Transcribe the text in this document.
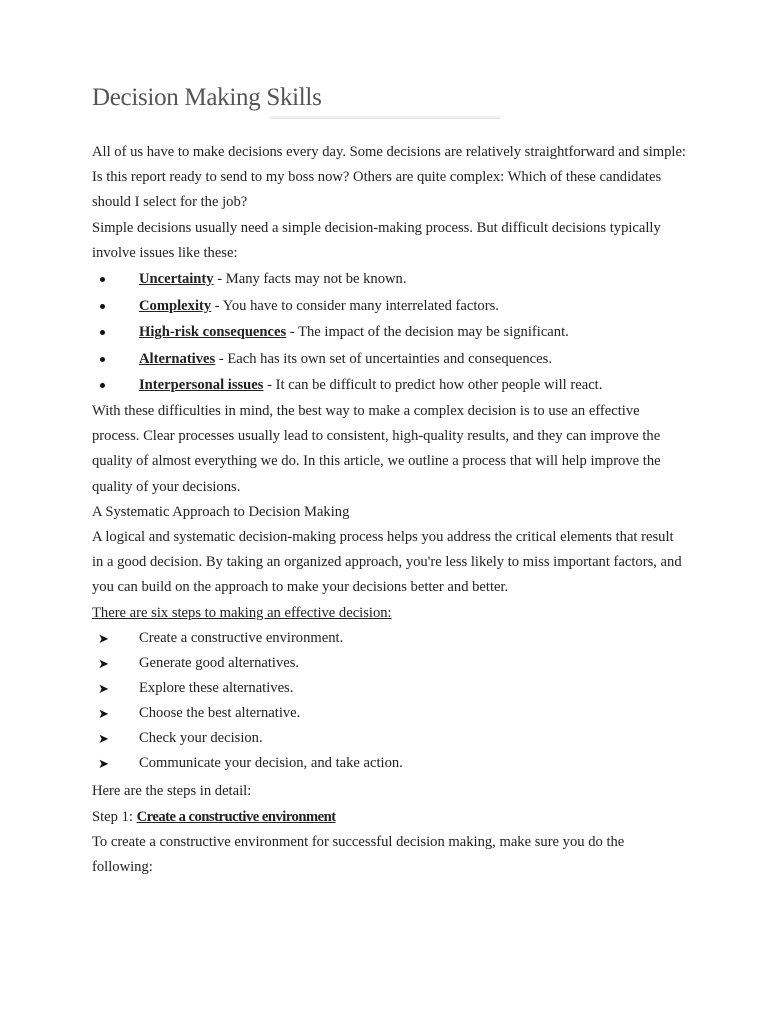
Decision Making Skills

All of us have to make decisions every day. Some decisions are relatively straightforward and simple: Is this report ready to send to my boss now? Others are quite complex: Which of these candidates should I select for the job?

Simple decisions usually need a simple decision-making process. But difficult decisions typically involve issues like these:

Uncertainty - Many facts may not be known.
Complexity - You have to consider many interrelated factors.
High-risk consequences - The impact of the decision may be significant.
Alternatives - Each has its own set of uncertainties and consequences.
Interpersonal issues - It can be difficult to predict how other people will react.

With these difficulties in mind, the best way to make a complex decision is to use an effective process. Clear processes usually lead to consistent, high-quality results, and they can improve the quality of almost everything we do. In this article, we outline a process that will help improve the quality of your decisions.

A Systematic Approach to Decision Making

A logical and systematic decision-making process helps you address the critical elements that result in a good decision. By taking an organized approach, you're less likely to miss important factors, and you can build on the approach to make your decisions better and better.

There are six steps to making an effective decision:

➤ Create a constructive environment.
➤ Generate good alternatives.
➤ Explore these alternatives.
➤ Choose the best alternative.
➤ Check your decision.
➤ Communicate your decision, and take action.

Here are the steps in detail:

Step 1: Create a constructive environment

To create a constructive environment for successful decision making, make sure you do the following:
